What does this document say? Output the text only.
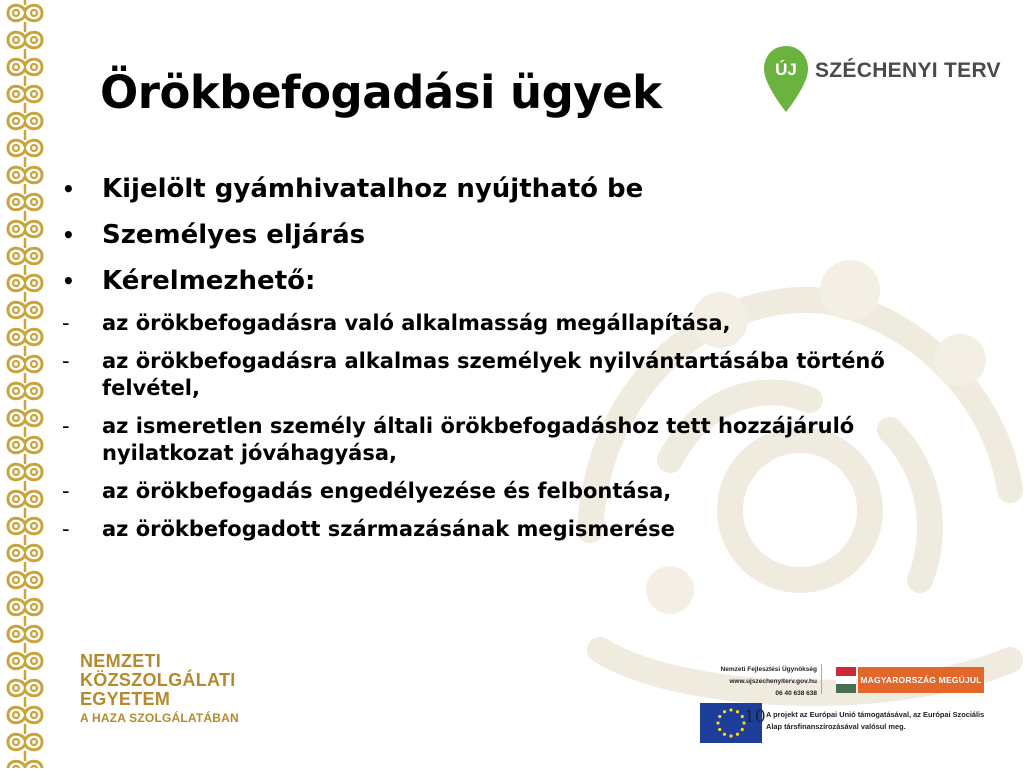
Örökbefogadási ügyek	ÚJ SZÉCHENYI TERV
• Kijelölt gyámhivatalhoz nyújtható be
• Személyes eljárás
• Kérelmezhető:
- az örökbefogadásra való alkalmasság megállapítása,
- az örökbefogadásra alkalmas személyek nyilvántartásába történő felvétel,
- az ismeretlen személy általi örökbefogadáshoz tett hozzájáruló nyilatkozat jóváhagyása,
- az örökbefogadás engedélyezése és felbontása,
- az örökbefogadott származásának megismerése
NEMZETI
KÖZSZOLGÁLATI
EGYETEM
A HAZA SZOLGÁLATÁBAN
Nemzeti Fejlesztési Ügynökség
www.ujszechenyiterv.gov.hu
06 40 638 638
MAGYARORSZÁG MEGÚJUL
A projekt az Európai Unió támogatásával, az Európai Szociális Alap társfinanszírozásával valósul meg.
10
